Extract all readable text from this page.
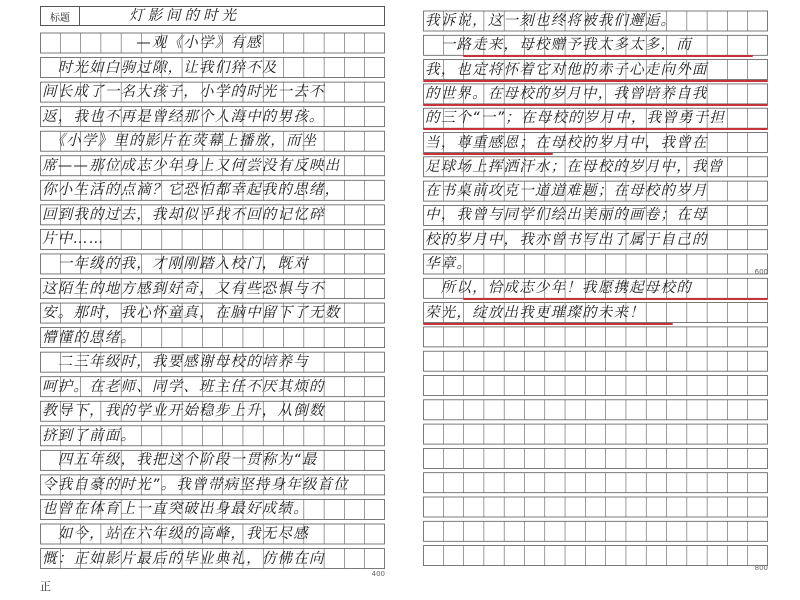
标题	灯影间的时光
　　　　　　—观《小学》有感
　时光如白驹过隙，让我们猝不及
间长成了一名大孩子，小学的时光一去不
返，我也不再是曾经那个人海中的男孩。
　《小学》里的影片在荧幕上播放，而坐
席——那位成志少年身上又何尝没有反映出
你小生活的点滴？它恐怕都幸起我的思绪，
回到我的过去，我却似乎找不回的记忆碎
片中……
　一年级的我，才刚刚踏入校门，既对
这陌生的地方感到好奇，又有些恐惧与不
安。那时，我心怀童真，在脑中留下了无数
懵懂的思绪。
　二三年级时，我要感谢母校的培养与
呵护。在老师、同学、班主任不厌其烦的
教导下，我的学业开始稳步上升，从倒数
挤到了前面。
　四五年级，我把这个阶段一贯称为“最
令我自豪的时光”。我曾带病坚持身年级首位
也曾在体育上一直突破出身最好成绩。
　如今，站在六年级的高峰，我无尽感
慨：正如影片最后的毕业典礼，仿佛在向
400
我诉说，这一刻也终将被我们邂逅。
　一路走来，母校赠予我太多太多，而
我，也定将怀着它对他的赤子心走向外面
的世界。在母校的岁月中，我曾培养自我
的三个“一”；在母校的岁月中，我曾勇于担
当，尊重感恩；在母校的岁月中，我曾在
足球场上挥洒汗水；在母校的岁月中，我曾
在书桌前攻克一道道难题；在母校的岁月
中，我曾与同学们绘出美丽的画卷；在母
校的岁月中，我亦曾书写出了属于自己的
华章。
　所以，恰成志少年！我愿携起母校的
荣光，绽放出我更璀璨的未来！
600
800
正
